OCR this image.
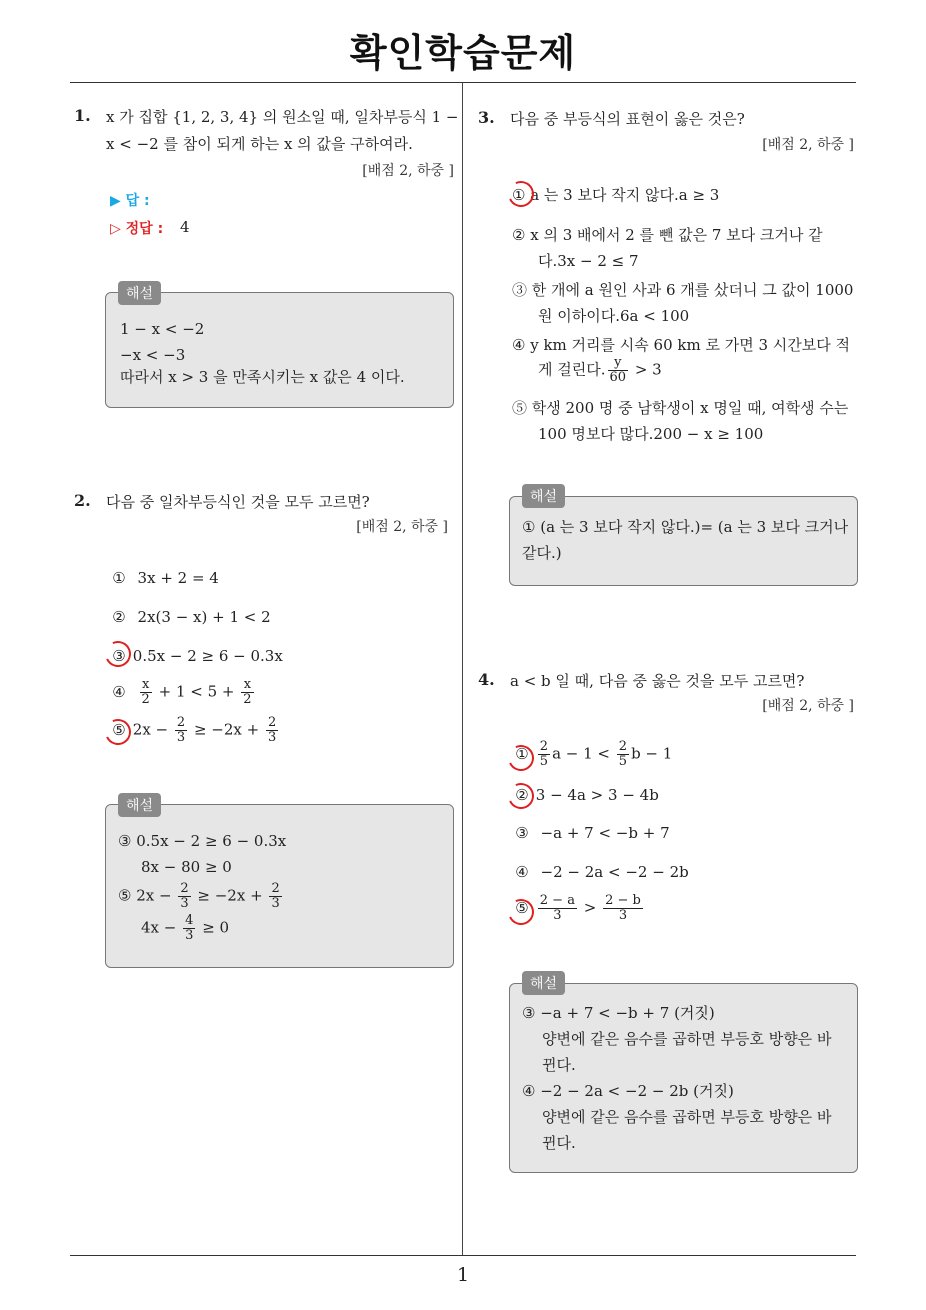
확인학습문제
1
1. x 가 집합 {1, 2, 3, 4} 의 원소일 때, 일차부등식 1 −
x < −2 를 참이 되게 하는 x 의 값을 구하여라.
[배점 2, 하중 ]
▶ 답 :
▷ 정답 : 4
해설
1 − x < −2
−x < −3
따라서 x > 3 을 만족시키는 x 값은 4 이다.
2. 다음 중 일차부등식인 것을 모두 고르면?
[배점 2, 하중 ]
① 3x + 2 = 4
② 2x(3 − x) + 1 < 2
③ 0.5x − 2 ≥ 6 − 0.3x
④ $\frac{x}{2} + 1 < 5 + \frac{x}{2}$
⑤ $2x - \frac{2}{3} \ge -2x + \frac{2}{3}$
해설
③ 0.5x − 2 ≥ 6 − 0.3x
8x − 80 ≥ 0
⑤ $2x - \frac{2}{3} \ge -2x + \frac{2}{3}$
$4x - \frac{4}{3} \ge 0$
3. 다음 중 부등식의 표현이 옳은 것은?
[배점 2, 하중 ]
① a 는 3 보다 작지 않다.a ≥ 3
② x 의 3 배에서 2 를 뺀 값은 7 보다 크거나 같
다.3x − 2 ≤ 7
③ 한 개에 a 원인 사과 6 개를 샀더니 그 값이 1000
원 이하이다.6a < 100
④ y km 거리를 시속 60 km 로 가면 3 시간보다 적
게 걸린다. $\frac{y}{60} > 3$
⑤ 학생 200 명 중 남학생이 x 명일 때, 여학생 수는
100 명보다 많다.200 − x ≥ 100
해설
① (a 는 3 보다 작지 않다.)= (a 는 3 보다 크거나
같다.)
4. a < b 일 때, 다음 중 옳은 것을 모두 고르면?
[배점 2, 하중 ]
① $\frac{2}{5}$ $a - 1 < \frac{2}{5}$ b − 1
② 3 − 4a > 3 − 4b
③ −a + 7 < −b + 7
④ −2 − 2a < −2 − 2b
⑤ $\frac{2 - a}{3} > \frac{2 - b}{3}$
해설
③ −a + 7 < −b + 7 (거짓)
양변에 같은 음수를 곱하면 부등호 방향은 바
뀐다.
④ −2 − 2a < −2 − 2b (거짓)
양변에 같은 음수를 곱하면 부등호 방향은 바
뀐다.
